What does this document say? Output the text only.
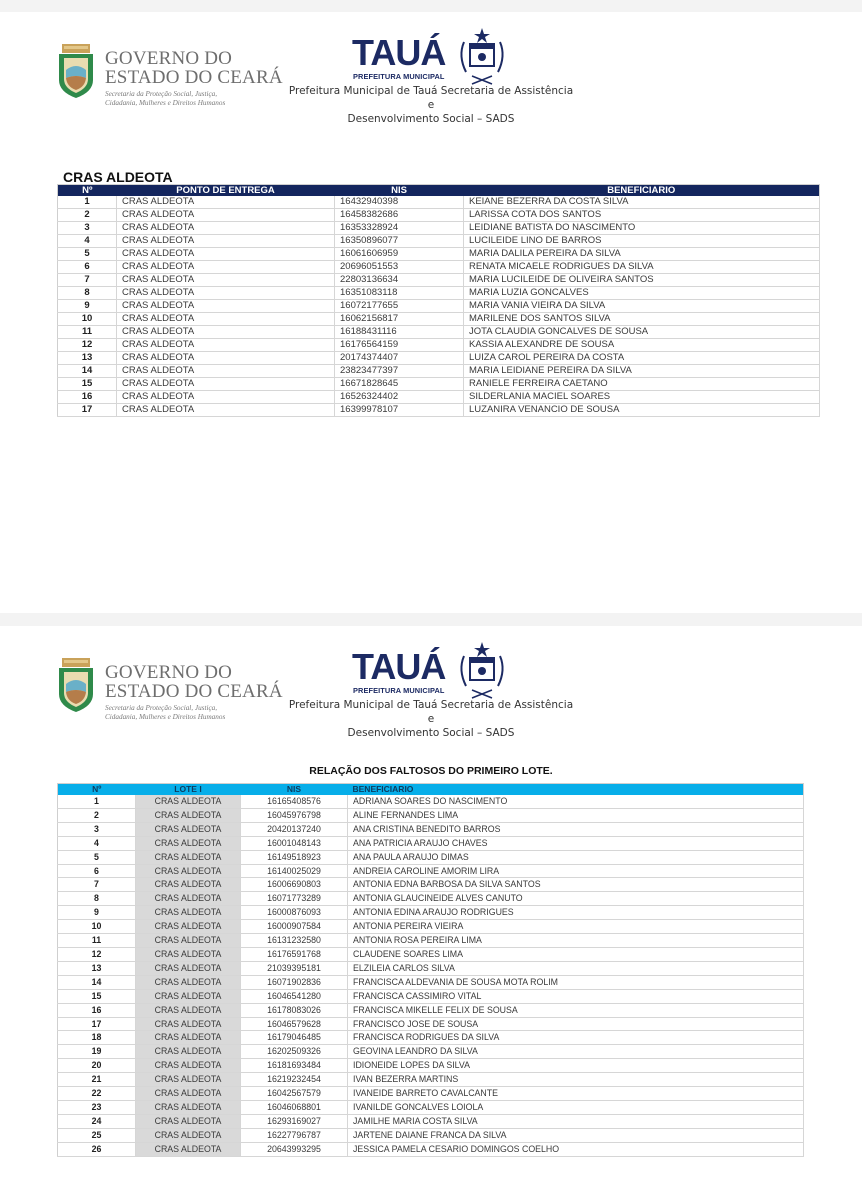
GOVERNO DO
ESTADO DO CEARÁ
Secretaria da Proteção Social, Justiça,
Cidadania, Mulheres e Direitos Humanos
TAUÁ
PREFEITURA MUNICIPAL
Prefeitura Municipal de Tauá Secretaria de Assistência e
Desenvolvimento Social – SADS
CRAS ALDEOTA
Nº	PONTO DE ENTREGA	NIS	BENEFICIARIO
1	CRAS ALDEOTA	16432940398	KEIANE BEZERRA DA COSTA SILVA
2	CRAS ALDEOTA	16458382686	LARISSA COTA DOS SANTOS
3	CRAS ALDEOTA	16353328924	LEIDIANE BATISTA DO NASCIMENTO
4	CRAS ALDEOTA	16350896077	LUCILEIDE LINO DE BARROS
5	CRAS ALDEOTA	16061606959	MARIA DALILA PEREIRA DA SILVA
6	CRAS ALDEOTA	20696051553	RENATA MICAELE RODRIGUES DA SILVA
7	CRAS ALDEOTA	22803136634	MARIA LUCILEIDE DE OLIVEIRA SANTOS
8	CRAS ALDEOTA	16351083118	MARIA LUZIA GONCALVES
9	CRAS ALDEOTA	16072177655	MARIA VANIA VIEIRA DA SILVA
10	CRAS ALDEOTA	16062156817	MARILENE DOS SANTOS SILVA
11	CRAS ALDEOTA	16188431116	JOTA CLAUDIA GONCALVES DE SOUSA
12	CRAS ALDEOTA	16176564159	KASSIA ALEXANDRE DE SOUSA
13	CRAS ALDEOTA	20174374407	LUIZA CAROL PEREIRA DA COSTA
14	CRAS ALDEOTA	23823477397	MARIA LEIDIANE PEREIRA DA SILVA
15	CRAS ALDEOTA	16671828645	RANIELE FERREIRA CAETANO
16	CRAS ALDEOTA	16526324402	SILDERLANIA MACIEL SOARES
17	CRAS ALDEOTA	16399978107	LUZANIRA VENANCIO DE SOUSA
GOVERNO DO
ESTADO DO CEARÁ
Secretaria da Proteção Social, Justiça,
Cidadania, Mulheres e Direitos Humanos
TAUÁ
PREFEITURA MUNICIPAL
Prefeitura Municipal de Tauá Secretaria de Assistência e
Desenvolvimento Social – SADS
RELAÇÃO DOS FALTOSOS DO PRIMEIRO LOTE.
Nº	LOTE I	NIS	BENEFICIARIO
1	CRAS ALDEOTA	16165408576	ADRIANA SOARES DO NASCIMENTO
2	CRAS ALDEOTA	16045976798	ALINE FERNANDES LIMA
3	CRAS ALDEOTA	20420137240	ANA CRISTINA BENEDITO BARROS
4	CRAS ALDEOTA	16001048143	ANA PATRICIA ARAUJO CHAVES
5	CRAS ALDEOTA	16149518923	ANA PAULA ARAUJO DIMAS
6	CRAS ALDEOTA	16140025029	ANDREIA CAROLINE AMORIM LIRA
7	CRAS ALDEOTA	16006690803	ANTONIA EDNA BARBOSA DA SILVA SANTOS
8	CRAS ALDEOTA	16071773289	ANTONIA GLAUCINEIDE ALVES CANUTO
9	CRAS ALDEOTA	16000876093	ANTONIA EDINA ARAUJO RODRIGUES
10	CRAS ALDEOTA	16000907584	ANTONIA PEREIRA VIEIRA
11	CRAS ALDEOTA	16131232580	ANTONIA ROSA PEREIRA LIMA
12	CRAS ALDEOTA	16176591768	CLAUDENE SOARES LIMA
13	CRAS ALDEOTA	21039395181	ELZILEIA CARLOS SILVA
14	CRAS ALDEOTA	16071902836	FRANCISCA ALDEVANIA DE SOUSA MOTA ROLIM
15	CRAS ALDEOTA	16046541280	FRANCISCA CASSIMIRO VITAL
16	CRAS ALDEOTA	16178083026	FRANCISCA MIKELLE FELIX DE SOUSA
17	CRAS ALDEOTA	16046579628	FRANCISCO JOSE DE SOUSA
18	CRAS ALDEOTA	16179046485	FRANCISCA RODRIGUES DA SILVA
19	CRAS ALDEOTA	16202509326	GEOVINA LEANDRO DA SILVA
20	CRAS ALDEOTA	16181693484	IDIONEIDE LOPES DA SILVA
21	CRAS ALDEOTA	16219232454	IVAN BEZERRA MARTINS
22	CRAS ALDEOTA	16042567579	IVANEIDE BARRETO CAVALCANTE
23	CRAS ALDEOTA	16046068801	IVANILDE GONCALVES LOIOLA
24	CRAS ALDEOTA	16293169027	JAMILHE MARIA COSTA SILVA
25	CRAS ALDEOTA	16227796787	JARTENE DAIANE FRANCA DA SILVA
26	CRAS ALDEOTA	20643993295	JESSICA PAMELA CESARIO DOMINGOS COELHO
